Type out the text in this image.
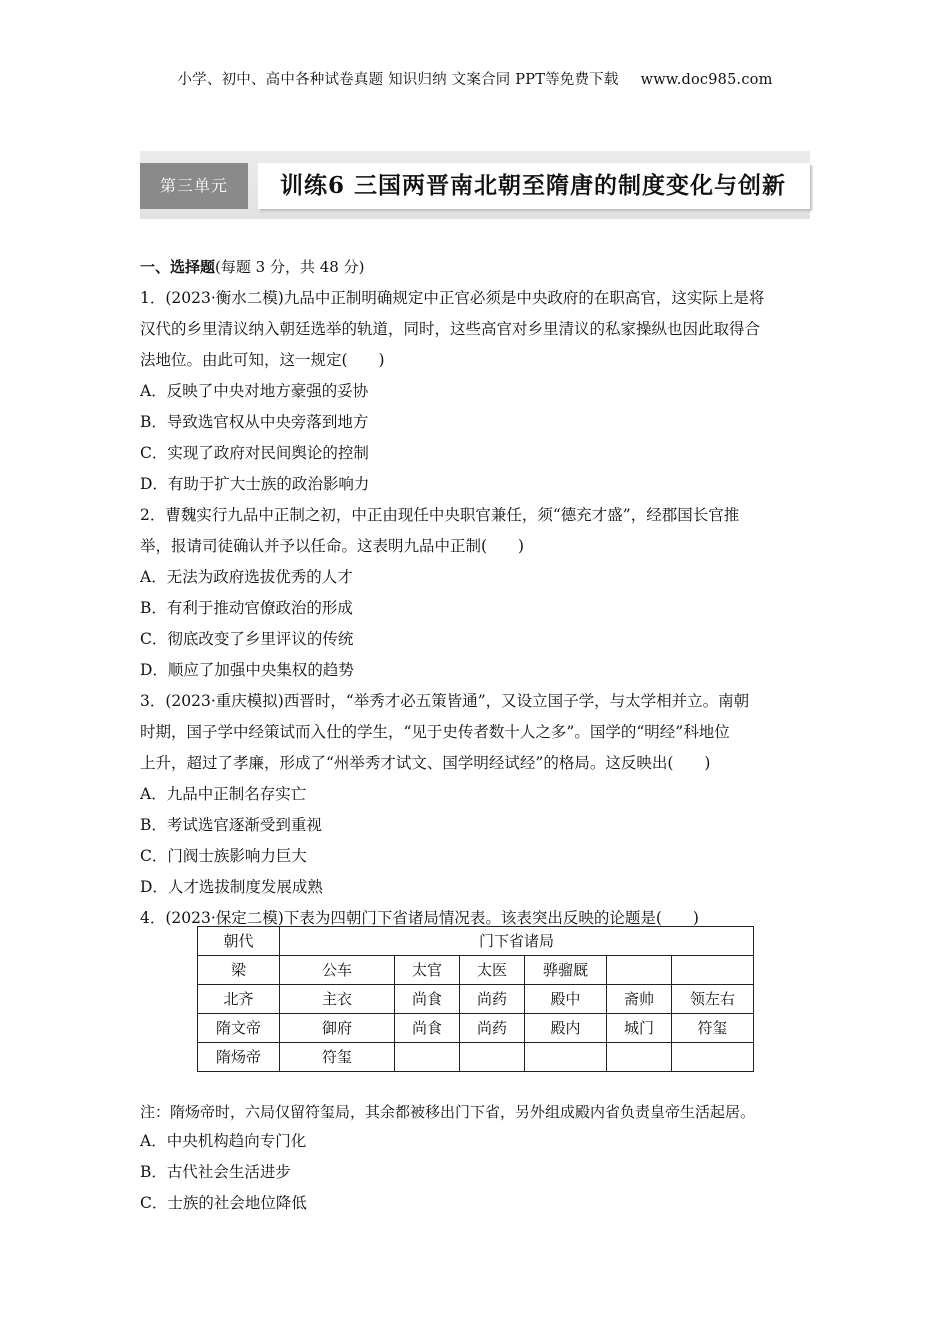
小学、初中、高中各种试卷真题 知识归纳 文案合同 PPT等免费下载 www.doc985.com
第三单元	训练6 三国两晋南北朝至隋唐的制度变化与创新
一、选择题(每题 3 分，共 48 分)
1．(2023·衡水二模)九品中正制明确规定中正官必须是中央政府的在职高官，这实际上是将
汉代的乡里清议纳入朝廷选举的轨道，同时，这些高官对乡里清议的私家操纵也因此取得合
法地位。由此可知，这一规定(　　)
A．反映了中央对地方豪强的妥协
B．导致选官权从中央旁落到地方
C．实现了政府对民间舆论的控制
D．有助于扩大士族的政治影响力
2．曹魏实行九品中正制之初，中正由现任中央职官兼任，须“德充才盛”，经郡国长官推
举，报请司徒确认并予以任命。这表明九品中正制(　　)
A．无法为政府选拔优秀的人才
B．有利于推动官僚政治的形成
C．彻底改变了乡里评议的传统
D．顺应了加强中央集权的趋势
3．(2023·重庆模拟)西晋时，“举秀才必五策皆通”，又设立国子学，与太学相并立。南朝
时期，国子学中经策试而入仕的学生，“见于史传者数十人之多”。国学的“明经”科地位
上升，超过了孝廉，形成了“州举秀才试文、国学明经试经”的格局。这反映出(　　)
A．九品中正制名存实亡
B．考试选官逐渐受到重视
C．门阀士族影响力巨大
D．人才选拔制度发展成熟
4．(2023·保定二模)下表为四朝门下省诸局情况表。该表突出反映的论题是(　　)
朝代	门下省诸局					
梁	公车	太官	太医	骅骝厩		
北齐	主衣	尚食	尚药	殿中	斋帅	领左右
隋文帝	御府	尚食	尚药	殿内	城门	符玺
隋炀帝	符玺					
注：隋炀帝时，六局仅留符玺局，其余都被移出门下省，另外组成殿内省负责皇帝生活起居。
A．中央机构趋向专门化
B．古代社会生活进步
C．士族的社会地位降低
